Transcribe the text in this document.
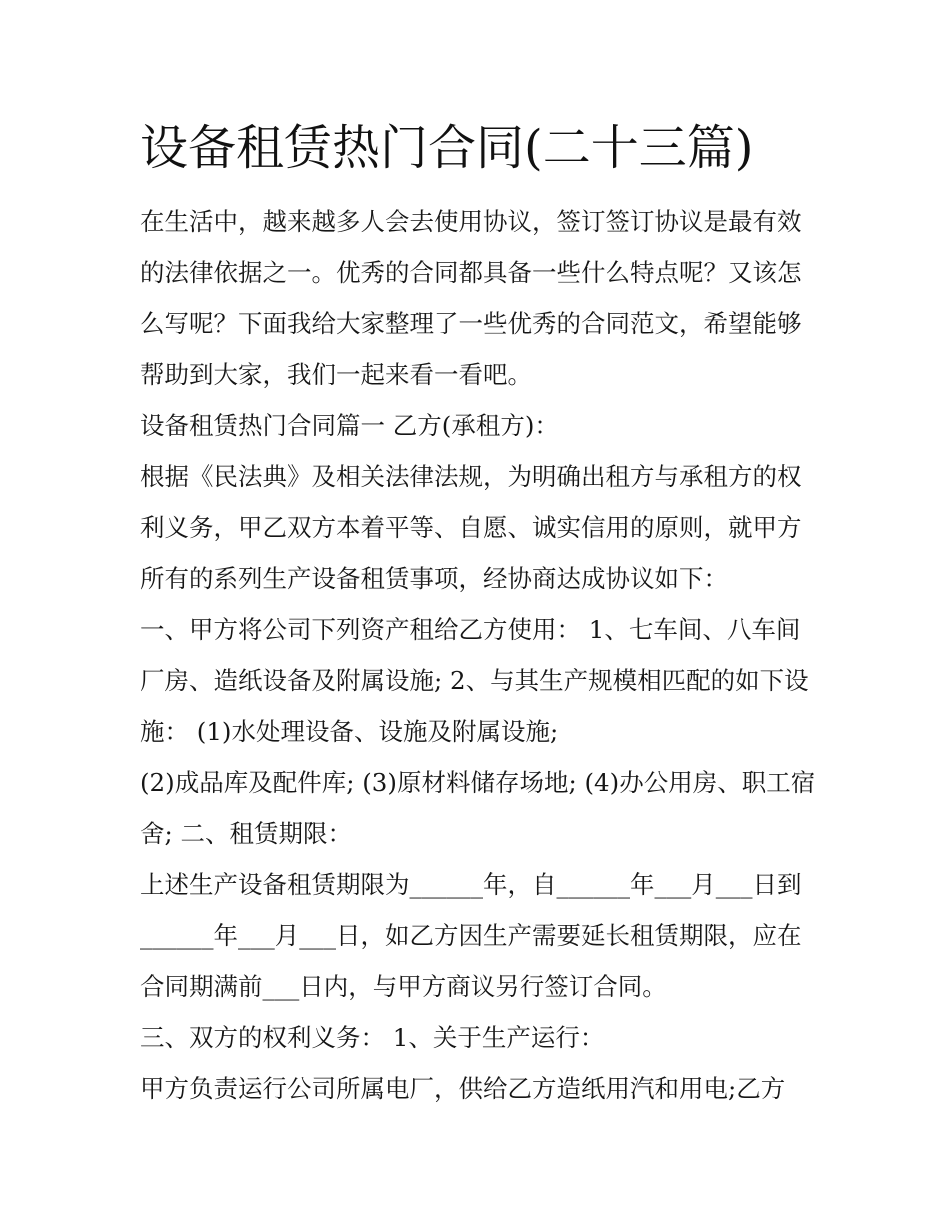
设备租赁热门合同(二十三篇)
在生活中，越来越多人会去使用协议，签订签订协议是最有效
的法律依据之一。优秀的合同都具备一些什么特点呢？又该怎
么写呢？下面我给大家整理了一些优秀的合同范文，希望能够
帮助到大家，我们一起来看一看吧。
设备租赁热门合同篇一 乙方(承租方)：
根据《民法典》及相关法律法规，为明确出租方与承租方的权
利义务，甲乙双方本着平等、自愿、诚实信用的原则，就甲方
所有的系列生产设备租赁事项，经协商达成协议如下：
一、甲方将公司下列资产租给乙方使用： 1、七车间、八车间
厂房、造纸设备及附属设施; 2、与其生产规模相匹配的如下设
施： (1)水处理设备、设施及附属设施;
(2)成品库及配件库; (3)原材料储存场地; (4)办公用房、职工宿
舍; 二、租赁期限：
上述生产设备租赁期限为______年，自______年___月___日到
______年___月___日，如乙方因生产需要延长租赁期限，应在
合同期满前___日内，与甲方商议另行签订合同。
三、双方的权利义务： 1、关于生产运行：
甲方负责运行公司所属电厂，供给乙方造纸用汽和用电;乙方
